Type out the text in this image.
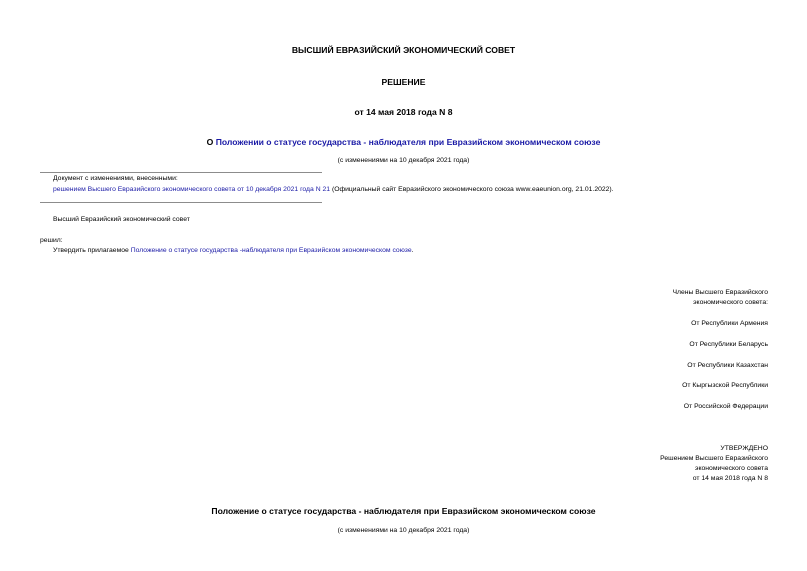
ВЫСШИЙ ЕВРАЗИЙСКИЙ ЭКОНОМИЧЕСКИЙ СОВЕТ
РЕШЕНИЕ
от 14 мая 2018 года N 8
О Положении о статусе государства - наблюдателя при Евразийском экономическом союзе
(с изменениями на 10 декабря 2021 года)
Документ с изменениями, внесенными:
решением Высшего Евразийского экономического совета от 10 декабря 2021 года N 21 (Официальный сайт Евразийского экономического союза www.eaeunion.org, 21.01.2022).
Высший Евразийский экономический совет
решил:
Утвердить прилагаемое Положение о статусе государства -наблюдателя при Евразийском экономическом союзе.
Члены Высшего Евразийского
экономического совета:
От Республики Армения
От Республики Беларусь
От Республики Казахстан
От Кыргызской Республики
От Российской Федерации
УТВЕРЖДЕНО
Решением Высшего Евразийского
экономического совета
от 14 мая 2018 года N 8
Положение о статусе государства - наблюдателя при Евразийском экономическом союзе
(с изменениями на 10 декабря 2021 года)
